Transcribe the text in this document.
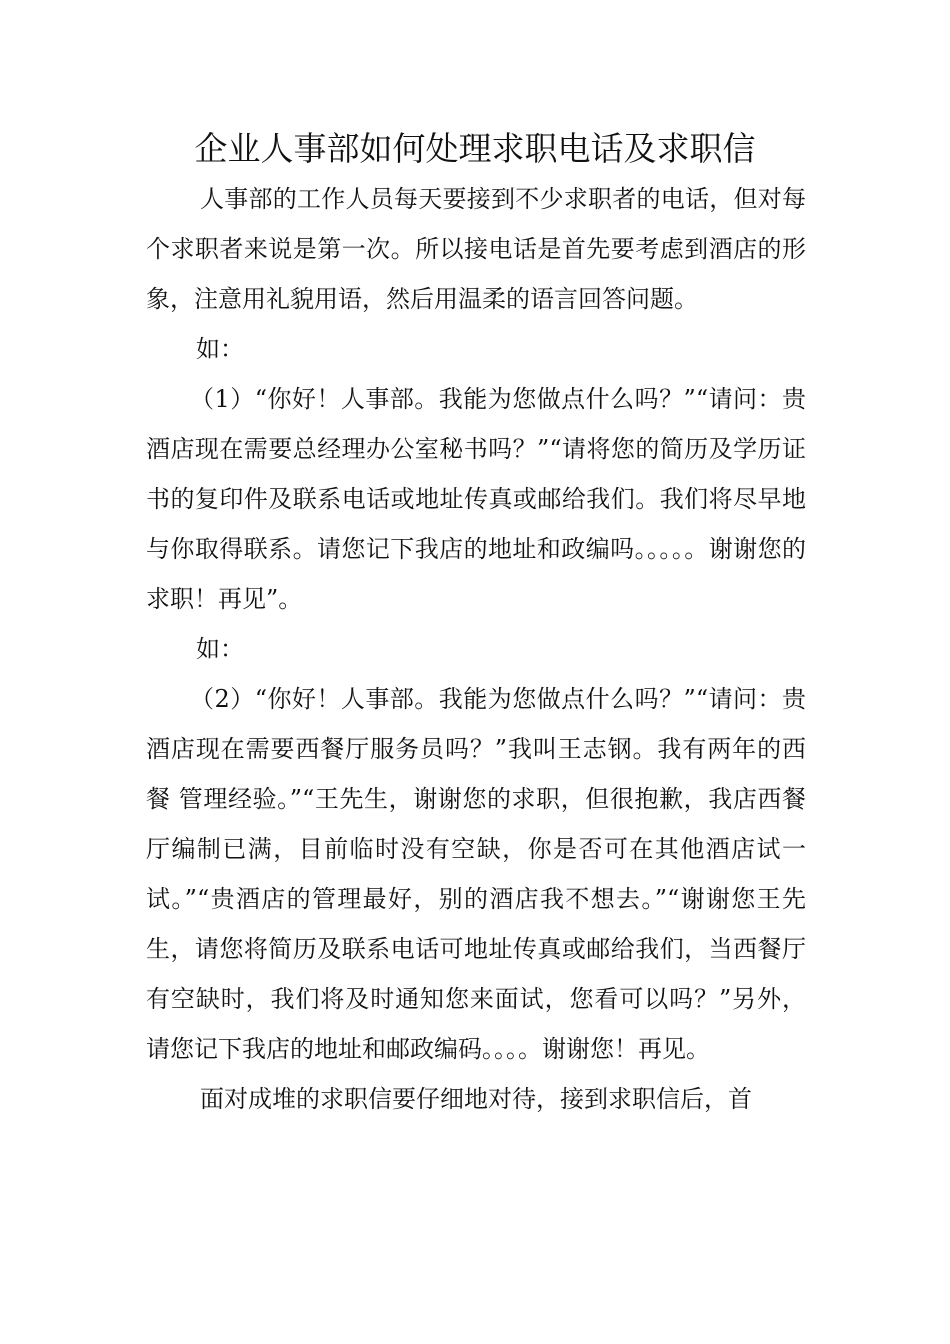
企业人事部如何处理求职电话及求职信

人事部的工作人员每天要接到不少求职者的电话，但对每个求职者来说是第一次。所以接电话是首先要考虑到酒店的形象，注意用礼貌用语，然后用温柔的语言回答问题。

如：

（1）“你好！人事部。我能为您做点什么吗？”“请问：贵酒店现在需要总经理办公室秘书吗？”“请将您的简历及学历证书的复印件及联系电话或地址传真或邮给我们。我们将尽早地与你取得联系。请您记下我店的地址和政编吗。。。。。谢谢您的求职！再见”。

如：

（2）“你好！人事部。我能为您做点什么吗？”“请问：贵酒店现在需要西餐厅服务员吗？”我叫王志钢。我有两年的西餐 管理经验。”“王先生，谢谢您的求职，但很抱歉，我店西餐厅编制已满，目前临时没有空缺，你是否可在其他酒店试一试。”“贵酒店的管理最好，别的酒店我不想去。”“谢谢您王先生，请您将简历及联系电话可地址传真或邮给我们，当西餐厅有空缺时，我们将及时通知您来面试，您看可以吗？”另外，请您记下我店的地址和邮政编码。。。。谢谢您！再见。

面对成堆的求职信要仔细地对待，接到求职信后，首
